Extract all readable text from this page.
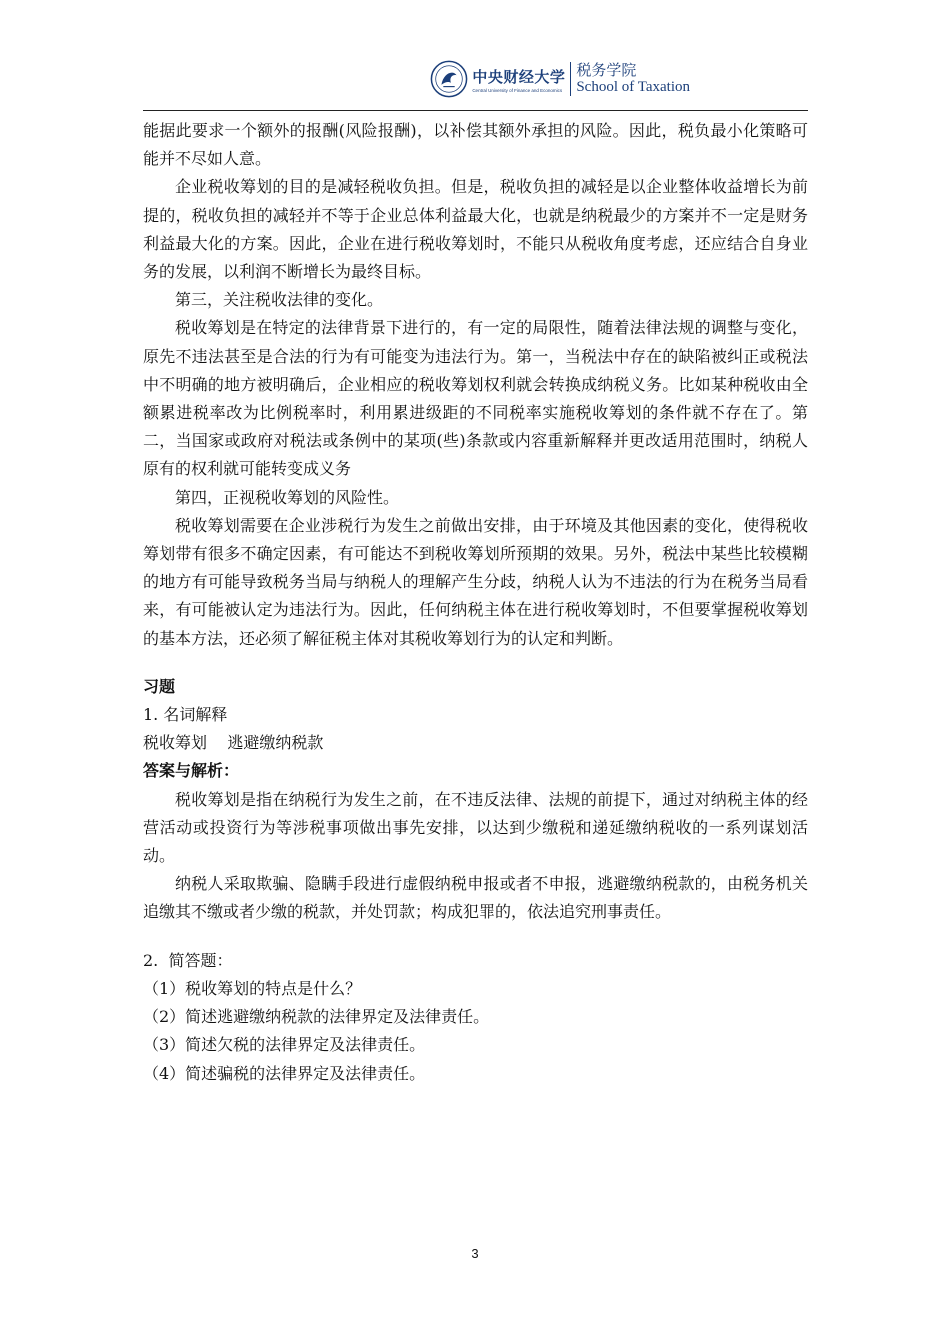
中央财经大学
Central University of Finance and Economics
税务学院
School of Taxation

能据此要求一个额外的报酬(风险报酬)，以补偿其额外承担的风险。因此，税负最小化策略可能并不尽如人意。

企业税收筹划的目的是减轻税收负担。但是，税收负担的减轻是以企业整体收益增长为前提的，税收负担的减轻并不等于企业总体利益最大化，也就是纳税最少的方案并不一定是财务利益最大化的方案。因此，企业在进行税收筹划时，不能只从税收角度考虑，还应结合自身业务的发展，以利润不断增长为最终目标。

第三，关注税收法律的变化。

税收筹划是在特定的法律背景下进行的，有一定的局限性，随着法律法规的调整与变化，原先不违法甚至是合法的行为有可能变为违法行为。第一，当税法中存在的缺陷被纠正或税法中不明确的地方被明确后，企业相应的税收筹划权利就会转换成纳税义务。比如某种税收由全额累进税率改为比例税率时，利用累进级距的不同税率实施税收筹划的条件就不存在了。第二，当国家或政府对税法或条例中的某项(些)条款或内容重新解释并更改适用范围时，纳税人原有的权利就可能转变成义务

第四，正视税收筹划的风险性。

税收筹划需要在企业涉税行为发生之前做出安排，由于环境及其他因素的变化，使得税收筹划带有很多不确定因素，有可能达不到税收筹划所预期的效果。另外，税法中某些比较模糊的地方有可能导致税务当局与纳税人的理解产生分歧，纳税人认为不违法的行为在税务当局看来，有可能被认定为违法行为。因此，任何纳税主体在进行税收筹划时，不但要掌握税收筹划的基本方法，还必须了解征税主体对其税收筹划行为的认定和判断。

习题

1. 名词解释

税收筹划    逃避缴纳税款

答案与解析：

税收筹划是指在纳税行为发生之前，在不违反法律、法规的前提下，通过对纳税主体的经营活动或投资行为等涉税事项做出事先安排，以达到少缴税和递延缴纳税收的一系列谋划活动。

纳税人采取欺骗、隐瞒手段进行虚假纳税申报或者不申报，逃避缴纳税款的，由税务机关追缴其不缴或者少缴的税款，并处罚款；构成犯罪的，依法追究刑事责任。

2.  简答题：

（1）税收筹划的特点是什么？

（2）简述逃避缴纳税款的法律界定及法律责任。

（3）简述欠税的法律界定及法律责任。

（4）简述骗税的法律界定及法律责任。

3
